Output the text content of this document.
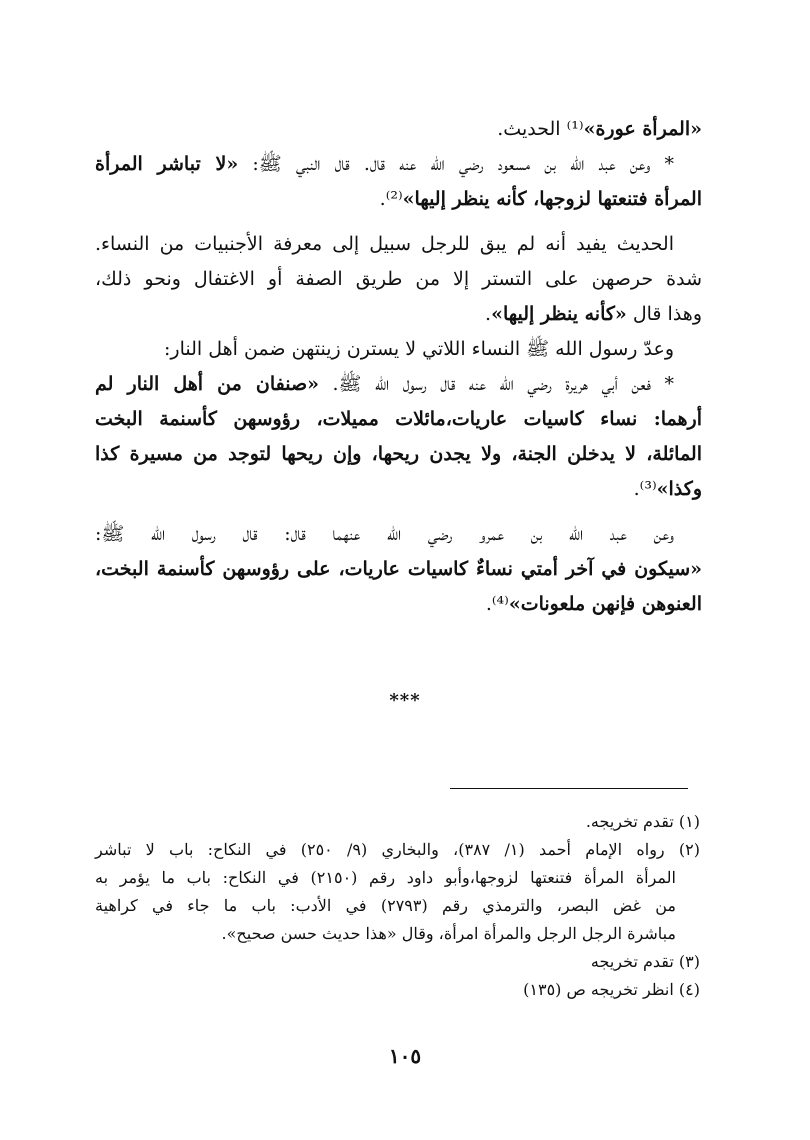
«المرأة عورة»⁽¹⁾ الحديث.
* وعن عبد الله بن مسعود رضي الله عنه قال. قال النبي ﷺ: «لا تباشر المرأة
المرأة فتنعتها لزوجها، كأنه ينظر إليها»⁽²⁾.
الحديث يفيد أنه لم يبق للرجل سبيل إلى معرفة الأجنبيات من النساء.
شدة حرصهن على التستر إلا من طريق الصفة أو الاغتفال ونحو ذلك،
وهذا قال «كأنه ينظر إليها».
وعدّ رسول الله ﷺ النساء اللاتي لا يسترن زينتهن ضمن أهل النار:
* فعن أبي هريرة رضي الله عنه قال رسول الله ﷺ. «صنفان من أهل النار لم
أرهما: نساء كاسيات عاريات،مائلات مميلات، رؤوسهن كأسنمة البخت
المائلة، لا يدخلن الجنة، ولا يجدن ريحها، وإن ريحها لتوجد من مسيرة كذا
وكذا»⁽³⁾.
وعن عبد الله بن عمرو رضي الله عنهما قال: قال رسول الله ﷺ:
«سيكون في آخر أمتي نساءٌ كاسيات عاريات، على رؤوسهن كأسنمة البخت،
العنوهن فإنهن ملعونات»⁽⁴⁾.
***
(١) تقدم تخريجه.
(٢) رواه الإمام أحمد (١/ ٣٨٧)، والبخاري (٩/ ٢٥٠) في النكاح: باب لا تباشر
المرأة المرأة فتنعتها لزوجها،وأبو داود رقم (٢١٥٠) في النكاح: باب ما يؤمر به
من غض البصر، والترمذي رقم (٢٧٩٣) في الأدب: باب ما جاء في كراهية
مباشرة الرجل الرجل والمرأة امرأة، وقال «هذا حديث حسن صحيح».
(٣) تقدم تخريجه
(٤) انظر تخريجه ص (١٣٥)
١٠٥
